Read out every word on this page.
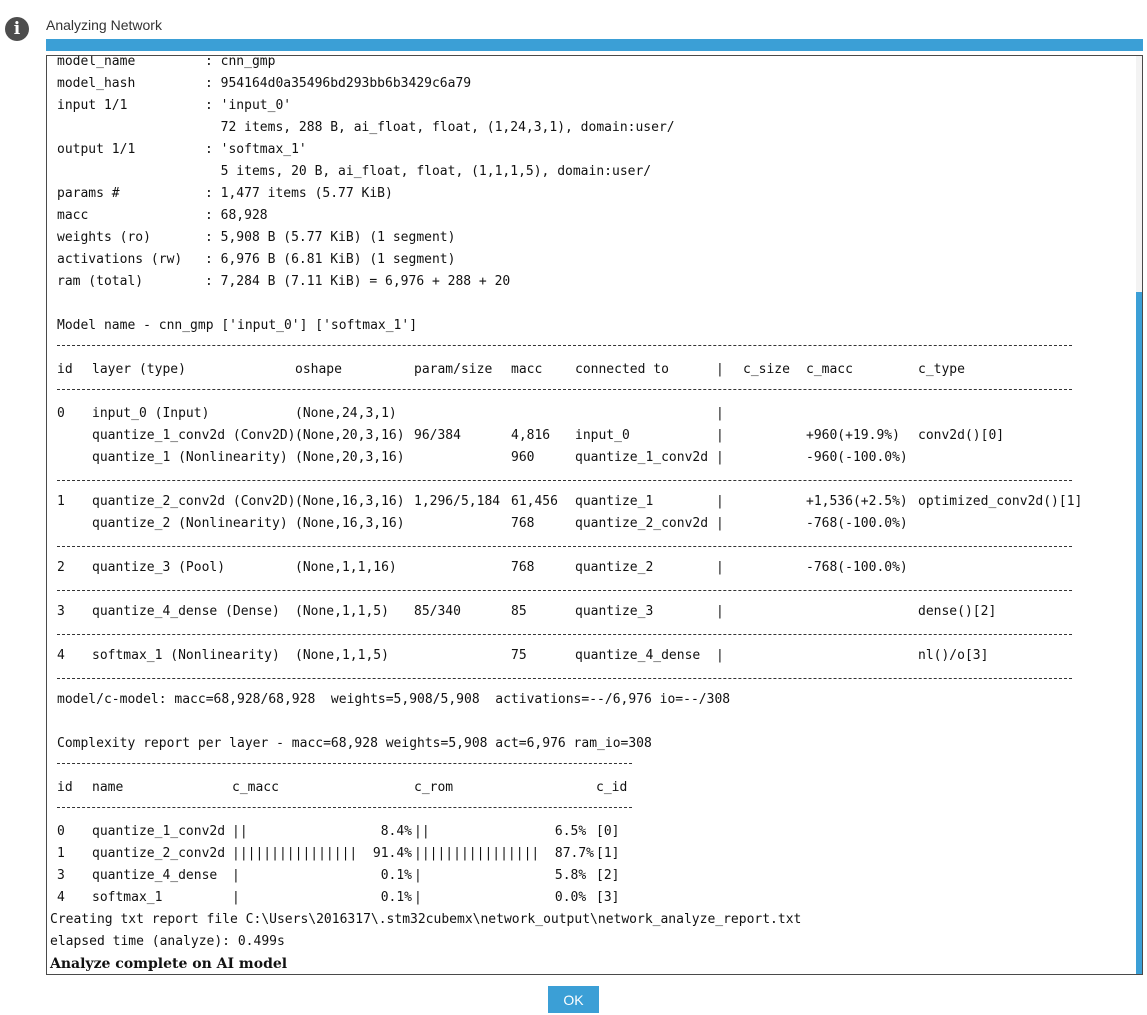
i	Analyzing Network
model_name	: cnn_gmp
model_hash	: 954164d0a35496bd293bb6b3429c6a79
input 1/1	: 'input_0'
72 items, 288 B, ai_float, float, (1,24,3,1), domain:user/
output 1/1	: 'softmax_1'
5 items, 20 B, ai_float, float, (1,1,1,5), domain:user/
params #	: 1,477 items (5.77 KiB)
macc	: 68,928
weights (ro)	: 5,908 B (5.77 KiB) (1 segment)
activations (rw) : 6,976 B (6.81 KiB) (1 segment)
ram (total)	: 7,284 B (7.11 KiB) = 6,976 + 288 + 20
Model name - cnn_gmp ['input_0'] ['softmax_1']
id layer (type)	oshape	param/size macc	connected to	| c_size c_macc	c_type
0 input_0 (Input)	(None,24,3,1)	|
quantize_1_conv2d (Conv2D) (None,20,3,16) 96/384	4,816 input_0	|	+960(+19.9%) conv2d()[0]
quantize_1 (Nonlinearity) (None,20,3,16)	960	quantize_1_conv2d |	-960(-100.0%)
1 quantize_2_conv2d (Conv2D) (None,16,3,16) 1,296/5,184 61,456 quantize_1	|	+1,536(+2.5%) optimized_conv2d()[1]
quantize_2 (Nonlinearity) (None,16,3,16)	768	quantize_2_conv2d |	-768(-100.0%)
2 quantize_3 (Pool)	(None,1,1,16)	768	quantize_2	|	-768(-100.0%)
3 quantize_4_dense (Dense) (None,1,1,5) 85/340	85	quantize_3	|	dense()[2]
4 softmax_1 (Nonlinearity) (None,1,1,5)	75	quantize_4_dense |	nl()/o[3]
model/c-model: macc=68,928/68,928  weights=5,908/5,908  activations=--/6,976 io=--/308
Complexity report per layer - macc=68,928 weights=5,908 act=6,976 ram_io=308
id name	c_macc	c_rom	c_id
0 quantize_1_conv2d ||                 8.4% ||                6.5% [0]
1 quantize_2_conv2d ||||||||||||||||  91.4% ||||||||||||||||  87.7% [1]
3 quantize_4_dense |                  0.1% |                 5.8% [2]
4 softmax_1	|                  0.1% |                 0.0% [3]
Creating txt report file C:\Users\2016317\.stm32cubemx\network_output\network_analyze_report.txt
elapsed time (analyze): 0.499s
Analyze complete on AI model
OK
